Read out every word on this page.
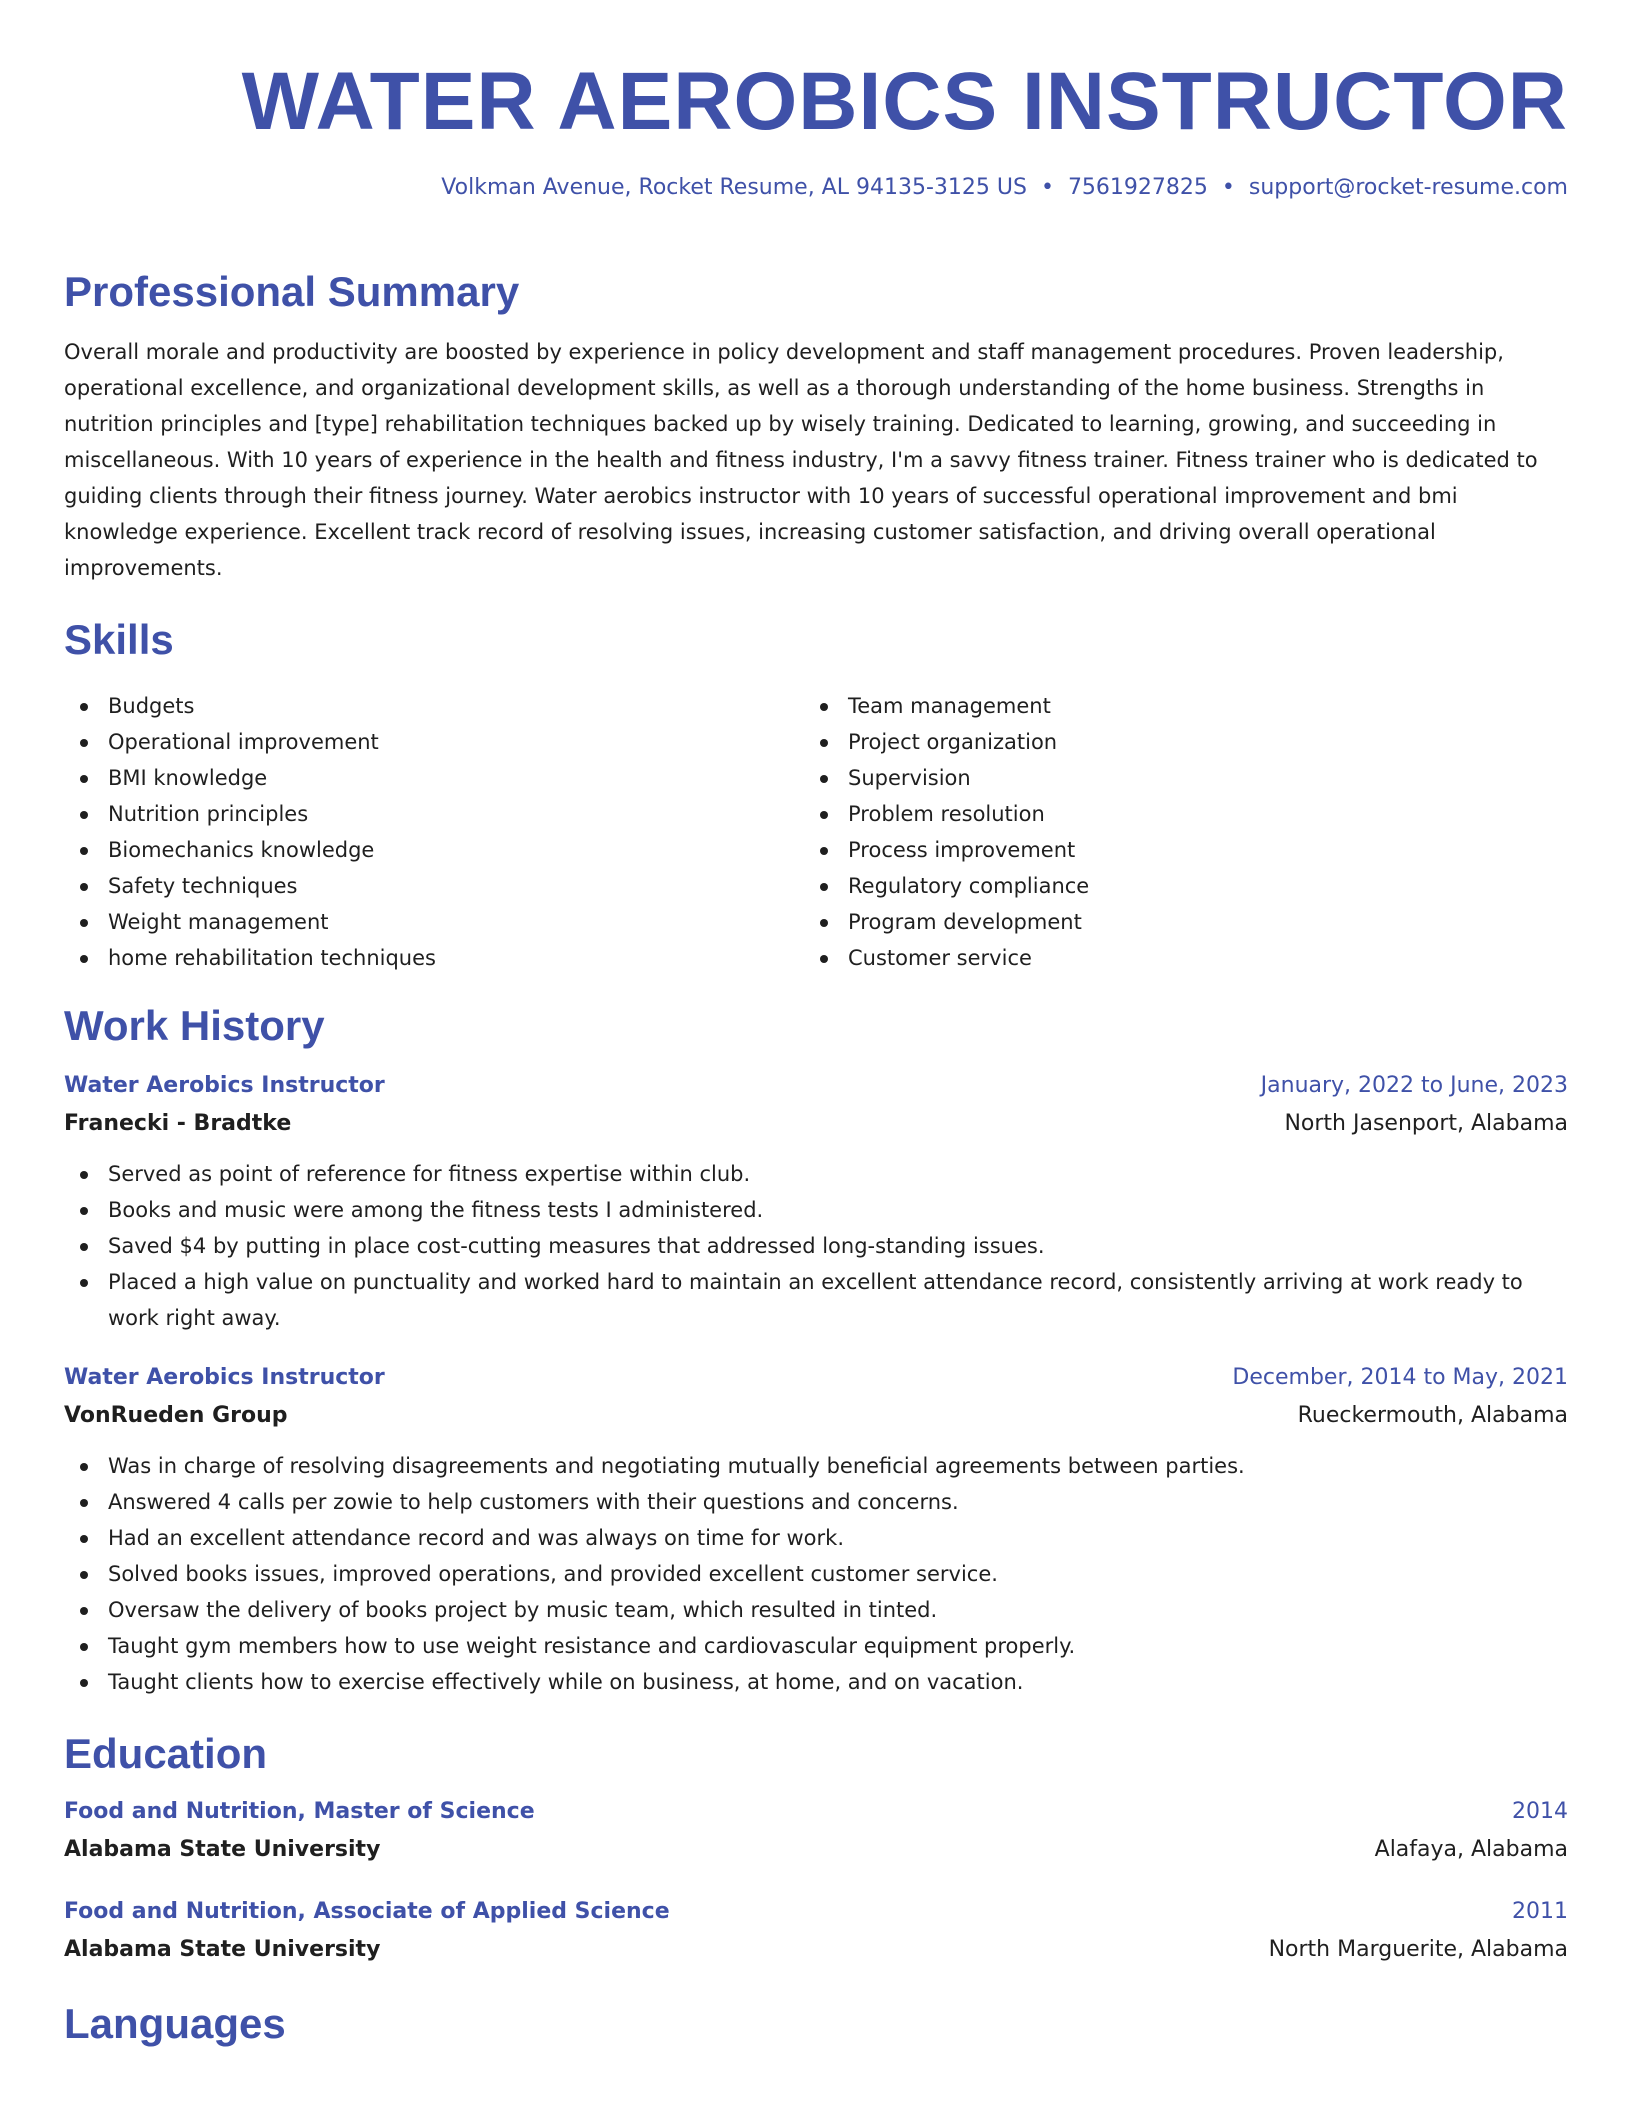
WATER AEROBICS INSTRUCTOR
Volkman Avenue, Rocket Resume, AL 94135-3125 US • 7561927825 • support@rocket-resume.com
Professional Summary

Overall morale and productivity are boosted by experience in policy development and staff management procedures. Proven leadership, operational excellence, and organizational development skills, as well as a thorough understanding of the home business. Strengths in nutrition principles and [type] rehabilitation techniques backed up by wisely training. Dedicated to learning, growing, and succeeding in miscellaneous. With 10 years of experience in the health and fitness industry, I'm a savvy fitness trainer. Fitness trainer who is dedicated to guiding clients through their fitness journey. Water aerobics instructor with 10 years of successful operational improvement and bmi knowledge experience. Excellent track record of resolving issues, increasing customer satisfaction, and driving overall operational improvements.

Skills
Budgets
Operational improvement
BMI knowledge
Nutrition principles
Biomechanics knowledge
Safety techniques
Weight management
home rehabilitation techniques
Team management
Project organization
Supervision
Problem resolution
Process improvement
Regulatory compliance
Program development
Customer service
Work History
Water Aerobics Instructor	January, 2022 to June, 2023
Franecki - Bradtke	North Jasenport, Alabama
Served as point of reference for fitness expertise within club.
Books and music were among the fitness tests I administered.
Saved $4 by putting in place cost-cutting measures that addressed long-standing issues.
Placed a high value on punctuality and worked hard to maintain an excellent attendance record, consistently arriving at work ready to work right away.
Water Aerobics Instructor	December, 2014 to May, 2021
VonRueden Group	Rueckermouth, Alabama
Was in charge of resolving disagreements and negotiating mutually beneficial agreements between parties.
Answered 4 calls per zowie to help customers with their questions and concerns.
Had an excellent attendance record and was always on time for work.
Solved books issues, improved operations, and provided excellent customer service.
Oversaw the delivery of books project by music team, which resulted in tinted.
Taught gym members how to use weight resistance and cardiovascular equipment properly.
Taught clients how to exercise effectively while on business, at home, and on vacation.
Education
Food and Nutrition, Master of Science	2014
Alabama State University	Alafaya, Alabama
Food and Nutrition, Associate of Applied Science	2011
Alabama State University	North Marguerite, Alabama
Languages
